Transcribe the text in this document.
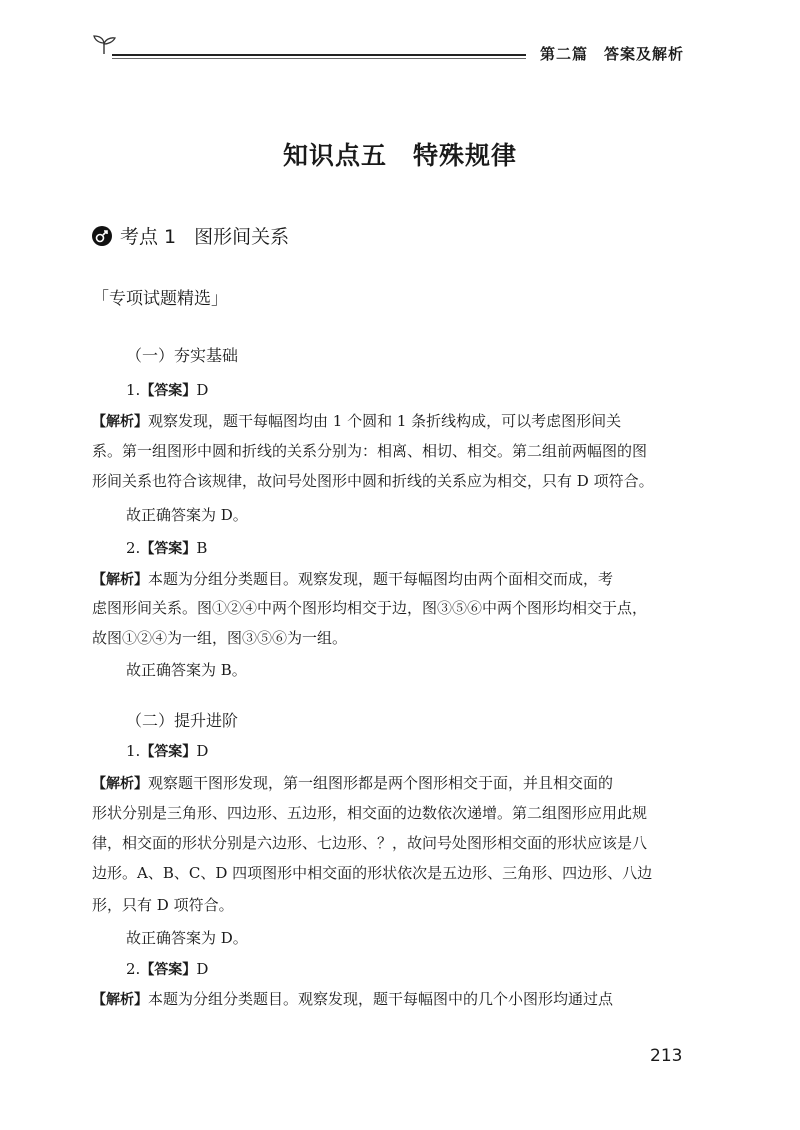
第二篇　答案及解析
知识点五　特殊规律
考点 1 图形间关系
「专项试题精选」
（一）夯实基础
1.【答案】D
【解析】观察发现，题干每幅图均由 1 个圆和 1 条折线构成，可以考虑图形间关
系。第一组图形中圆和折线的关系分别为：相离、相切、相交。第二组前两幅图的图
形间关系也符合该规律，故问号处图形中圆和折线的关系应为相交，只有 D 项符合。
故正确答案为 D。
2.【答案】B
【解析】本题为分组分类题目。观察发现，题干每幅图均由两个面相交而成，考
虑图形间关系。图①②④中两个图形均相交于边，图③⑤⑥中两个图形均相交于点，
故图①②④为一组，图③⑤⑥为一组。
故正确答案为 B。
（二）提升进阶
1.【答案】D
【解析】观察题干图形发现，第一组图形都是两个图形相交于面，并且相交面的
形状分别是三角形、四边形、五边形，相交面的边数依次递增。第二组图形应用此规
律，相交面的形状分别是六边形、七边形、？，故问号处图形相交面的形状应该是八
边形。A、B、C、D 四项图形中相交面的形状依次是五边形、三角形、四边形、八边
形，只有 D 项符合。
故正确答案为 D。
2.【答案】D
【解析】本题为分组分类题目。观察发现，题干每幅图中的几个小图形均通过点
213
